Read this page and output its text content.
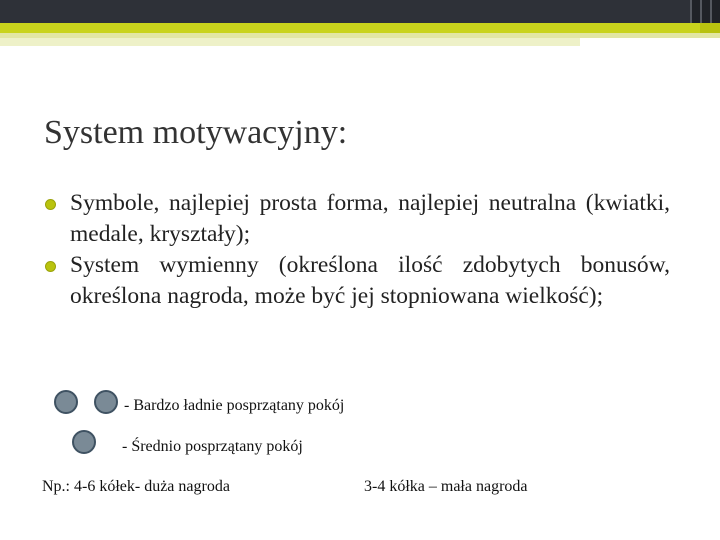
System motywacyjny:
Symbole, najlepiej prosta forma, najlepiej neutralna (kwiatki, medale, kryształy);
System wymienny (określona ilość zdobytych bonusów, określona nagroda, może być jej stopniowana wielkość);
- Bardzo ładnie posprzątany pokój
- Średnio posprzątany pokój
Np.: 4-6 kółek- duża nagroda	3-4 kółka – mała nagroda
